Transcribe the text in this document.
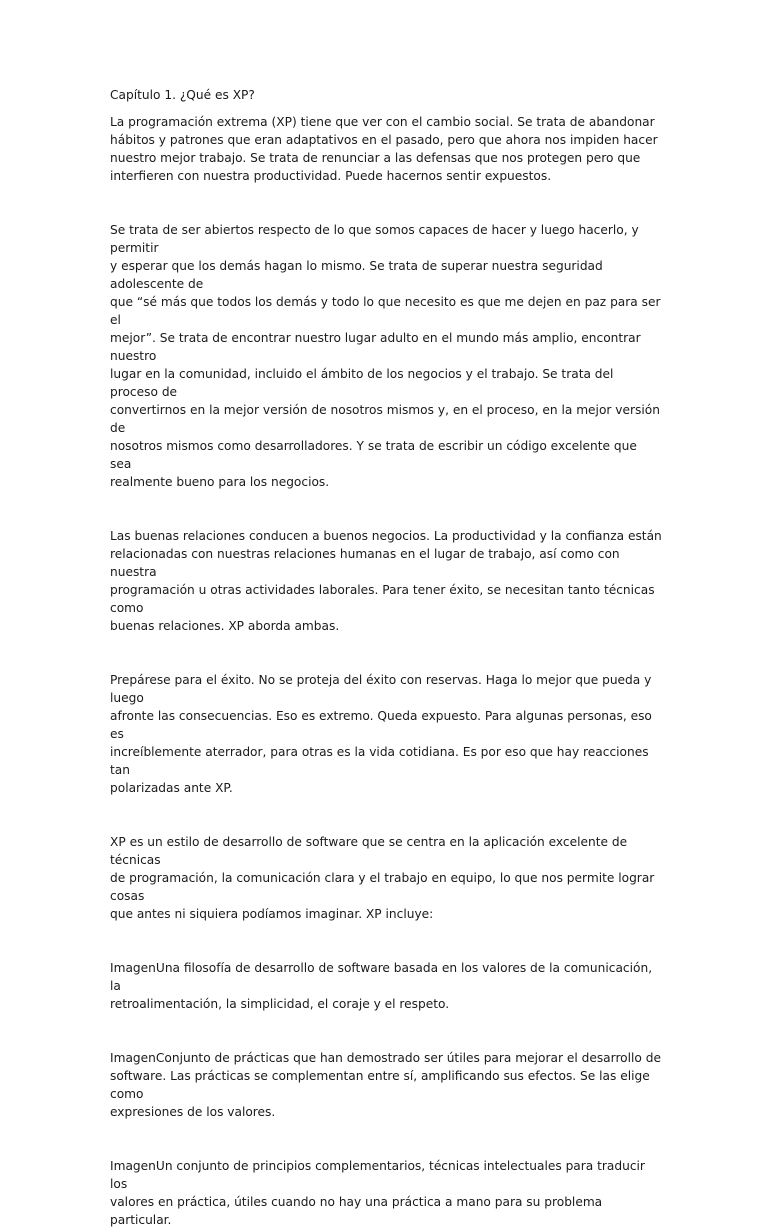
Capítulo 1. ¿Qué es XP?

La programación extrema (XP) tiene que ver con el cambio social. Se trata de abandonar
hábitos y patrones que eran adaptativos en el pasado, pero que ahora nos impiden hacer
nuestro mejor trabajo. Se trata de renunciar a las defensas que nos protegen pero que
interfieren con nuestra productividad. Puede hacernos sentir expuestos.

Se trata de ser abiertos respecto de lo que somos capaces de hacer y luego hacerlo, y permitir
y esperar que los demás hagan lo mismo. Se trata de superar nuestra seguridad adolescente de
que “sé más que todos los demás y todo lo que necesito es que me dejen en paz para ser el
mejor”. Se trata de encontrar nuestro lugar adulto en el mundo más amplio, encontrar nuestro
lugar en la comunidad, incluido el ámbito de los negocios y el trabajo. Se trata del proceso de
convertirnos en la mejor versión de nosotros mismos y, en el proceso, en la mejor versión de
nosotros mismos como desarrolladores. Y se trata de escribir un código excelente que sea
realmente bueno para los negocios.

Las buenas relaciones conducen a buenos negocios. La productividad y la confianza están
relacionadas con nuestras relaciones humanas en el lugar de trabajo, así como con nuestra
programación u otras actividades laborales. Para tener éxito, se necesitan tanto técnicas como
buenas relaciones. XP aborda ambas.

Prepárese para el éxito. No se proteja del éxito con reservas. Haga lo mejor que pueda y luego
afronte las consecuencias. Eso es extremo. Queda expuesto. Para algunas personas, eso es
increíblemente aterrador, para otras es la vida cotidiana. Es por eso que hay reacciones tan
polarizadas ante XP.

XP es un estilo de desarrollo de software que se centra en la aplicación excelente de técnicas
de programación, la comunicación clara y el trabajo en equipo, lo que nos permite lograr cosas
que antes ni siquiera podíamos imaginar. XP incluye:

ImagenUna filosofía de desarrollo de software basada en los valores de la comunicación, la
retroalimentación, la simplicidad, el coraje y el respeto.

ImagenConjunto de prácticas que han demostrado ser útiles para mejorar el desarrollo de
software. Las prácticas se complementan entre sí, amplificando sus efectos. Se las elige como
expresiones de los valores.

ImagenUn conjunto de principios complementarios, técnicas intelectuales para traducir los
valores en práctica, útiles cuando no hay una práctica a mano para su problema particular.
